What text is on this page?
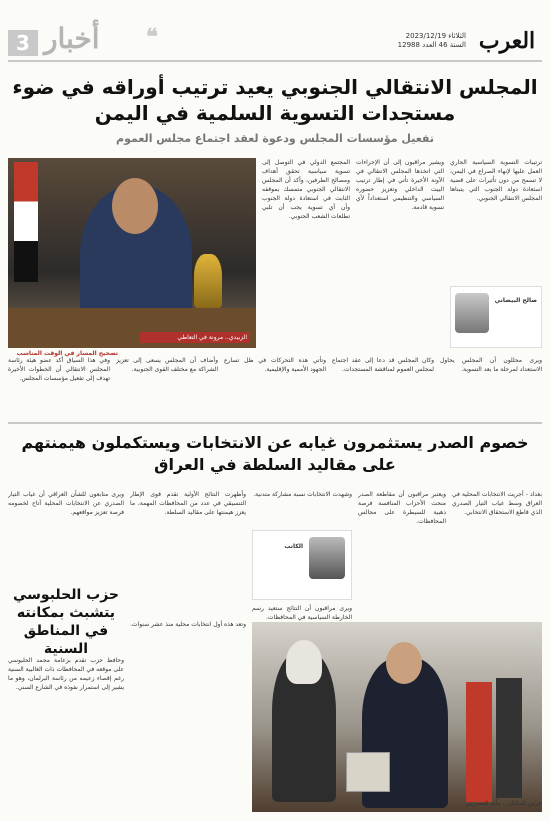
3 أخبار ❝	العرب
الثلاثاء 2023/12/19
السنة 46 العدد 12988
المجلس الانتقالي الجنوبي يعيد ترتيب أوراقه في ضوء مستجدات التسوية السلمية في اليمن
تفعيل مؤسسات المجلس ودعوة لعقد اجتماع مجلس العموم
الزبيدي.. مرونة في التعاطي
المجتمع الدولي في التوصل إلى تسوية سياسية تحقق أهداف ومصالح الطرفين، وأكد أن المجلس الانتقالي الجنوبي متمسك بموقفه الثابت في استعادة دولة الجنوب وأن أي تسوية يجب أن تلبي تطلعات الشعب الجنوبي.
ويشير مراقبون إلى أن الإجراءات التي اتخذها المجلس الانتقالي في الآونة الأخيرة تأتي في إطار ترتيب البيت الداخلي وتعزيز حضوره السياسي والتنظيمي استعداداً لأي تسوية قادمة.
ترتيبات التسوية السياسية الجاري العمل عليها لإنهاء الصراع في اليمن، لا تسمح من دون تأثيرات على قضية استعادة دولة الجنوب التي يتبناها المجلس الانتقالي الجنوبي.
صالح البيضاني
تصحيح المسار في الوقت المناسب
وفي هذا السياق أكد عضو هيئة رئاسة المجلس الانتقالي أن الخطوات الأخيرة تهدف إلى تفعيل مؤسسات المجلس.
وأضاف أن المجلس يسعى إلى تعزيز الشراكة مع مختلف القوى الجنوبية.
وتأتي هذه التحركات في ظل تسارع الجهود الأممية والإقليمية.
وكان المجلس قد دعا إلى عقد اجتماع لمجلس العموم لمناقشة المستجدات.
ويرى محللون أن المجلس يحاول الاستعداد لمرحلة ما بعد التسوية.
خصوم الصدر يستثمرون غيابه عن الانتخابات ويستكملون هيمنتهم على مقاليد السلطة في العراق
ويرى متابعون للشأن العراقي أن غياب التيار الصدري عن الانتخابات المحلية أتاح لخصومه فرصة تعزيز مواقعهم.
وأظهرت النتائج الأولية تقدم قوى الإطار التنسيقي في عدد من المحافظات المهمة، ما يعزز هيمنتها على مقاليد السلطة.
وشهدت الانتخابات نسبة مشاركة متدنية. ويعتبر مراقبون أن مقاطعة الصدر منحت الأحزاب المنافسة فرصة ذهبية للسيطرة على مجالس المحافظات.
بغداد - أجريت الانتخابات المحلية في العراق وسط غياب التيار الصدري الذي قاطع الاستحقاق الانتخابي.
الكاتب
حزب الحلبوسي يتشبث بمكانته في المناطق السنية
وحافظ حزب تقدم بزعامة محمد الحلبوسي على موقعه في المحافظات ذات الغالبية السنية رغم إقصاء زعيمه من رئاسة البرلمان، وهو ما يشير إلى استمرار نفوذه في الشارع السني.
وتعد هذه أول انتخابات محلية منذ عشر سنوات.
ويرى مراقبون أن النتائج ستعيد رسم الخارطة السياسية في المحافظات.
عرس للمالكي.. مأتم للصدريين
